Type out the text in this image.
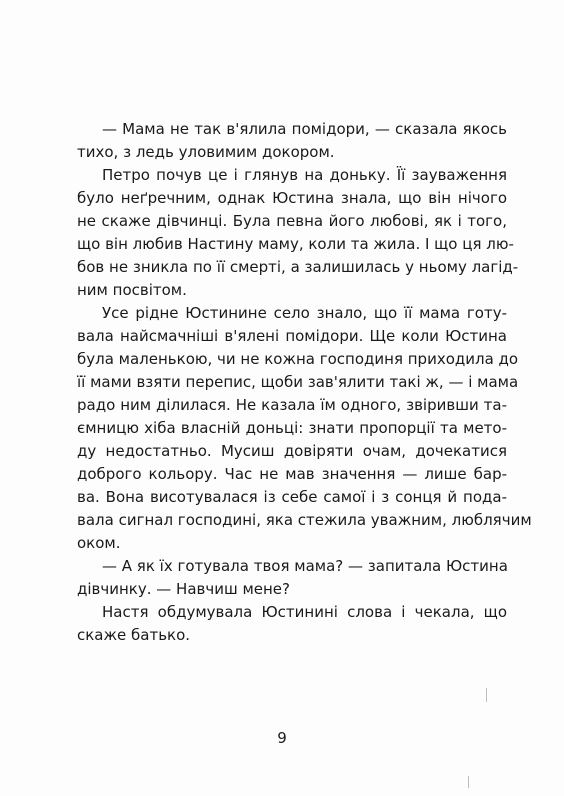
— Мама не так в'ялила помідори, — сказала якось
тихо, з ледь уловимим докором.
Петро почув це і глянув на доньку. Її зауваження
було неґречним, однак Юстина знала, що він нічого
не скаже дівчинці. Була певна його любові, як і того,
що він любив Настину маму, коли та жила. І що ця лю-
бов не зникла по її смерті, а залишилась у ньому лагід-
ним посвітом.
Усе рідне Юстинине село знало, що її мама готу-
вала найсмачніші в'ялені помідори. Ще коли Юстина
була маленькою, чи не кожна господиня приходила до
її мами взяти перепис, щоби зав'ялити такі ж, — і мама
радо ним ділилася. Не казала їм одного, звіривши та-
ємницю хіба власній доньці: знати пропорції та мето-
ду недостатньо. Мусиш довіряти очам, дочекатися
доброго кольору. Час не мав значення — лише бар-
ва. Вона висотувалася із себе самої і з сонця й пода-
вала сигнал господині, яка стежила уважним, люблячим
оком.
— А як їх готувала твоя мама? — запитала Юстина
дівчинку. — Навчиш мене?
Настя обдумувала Юстинині слова і чекала, що
скаже батько.
9
